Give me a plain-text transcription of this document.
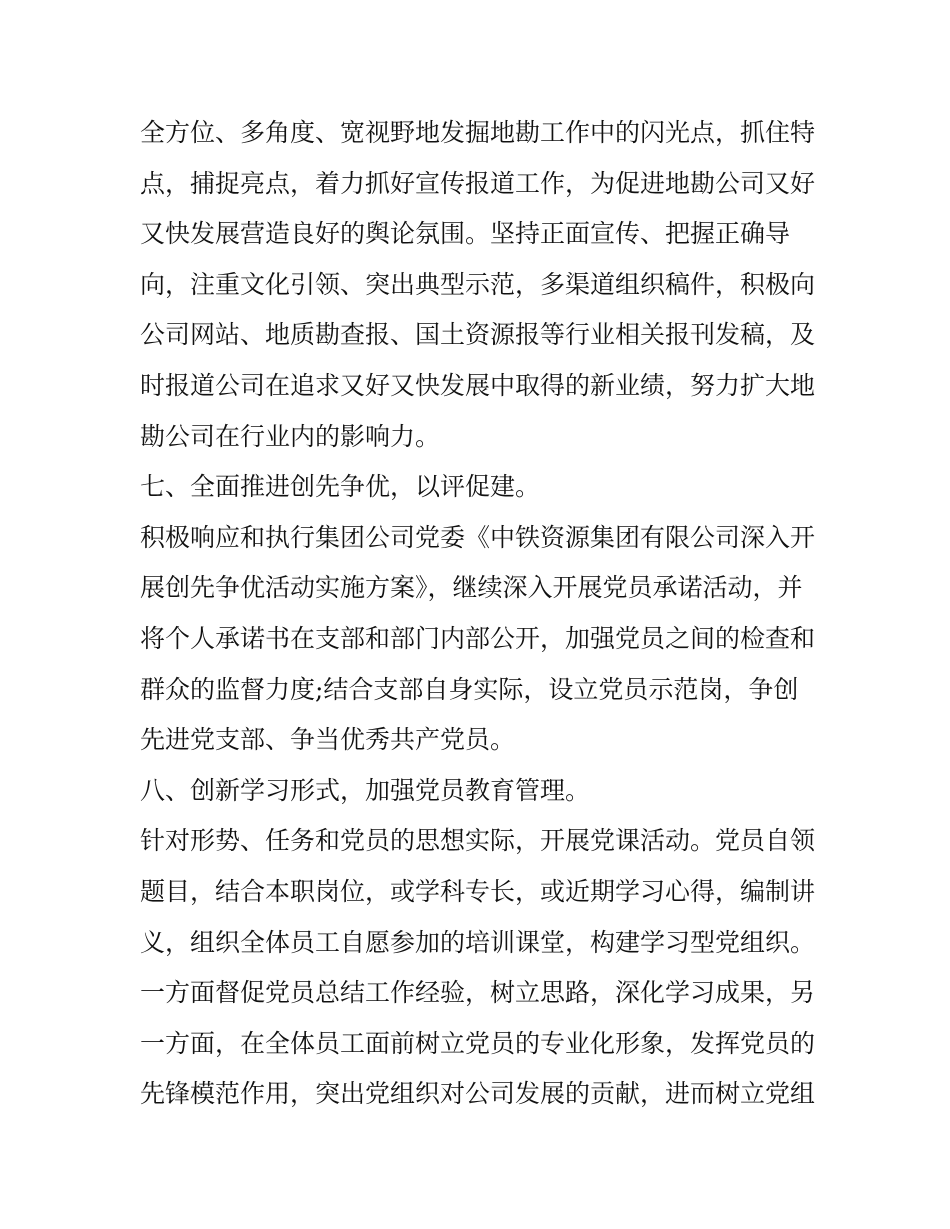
全方位、多角度、宽视野地发掘地勘工作中的闪光点，抓住特
点，捕捉亮点，着力抓好宣传报道工作，为促进地勘公司又好
又快发展营造良好的舆论氛围。坚持正面宣传、把握正确导
向，注重文化引领、突出典型示范，多渠道组织稿件，积极向
公司网站、地质勘查报、国土资源报等行业相关报刊发稿，及
时报道公司在追求又好又快发展中取得的新业绩，努力扩大地
勘公司在行业内的影响力。
七、全面推进创先争优，以评促建。
积极响应和执行集团公司党委《中铁资源集团有限公司深入开
展创先争优活动实施方案》，继续深入开展党员承诺活动，并
将个人承诺书在支部和部门内部公开，加强党员之间的检查和
群众的监督力度;结合支部自身实际，设立党员示范岗，争创
先进党支部、争当优秀共产党员。
八、创新学习形式，加强党员教育管理。
针对形势、任务和党员的思想实际，开展党课活动。党员自领
题目，结合本职岗位，或学科专长，或近期学习心得，编制讲
义，组织全体员工自愿参加的培训课堂，构建学习型党组织。
一方面督促党员总结工作经验，树立思路，深化学习成果，另
一方面，在全体员工面前树立党员的专业化形象，发挥党员的
先锋模范作用，突出党组织对公司发展的贡献，进而树立党组
